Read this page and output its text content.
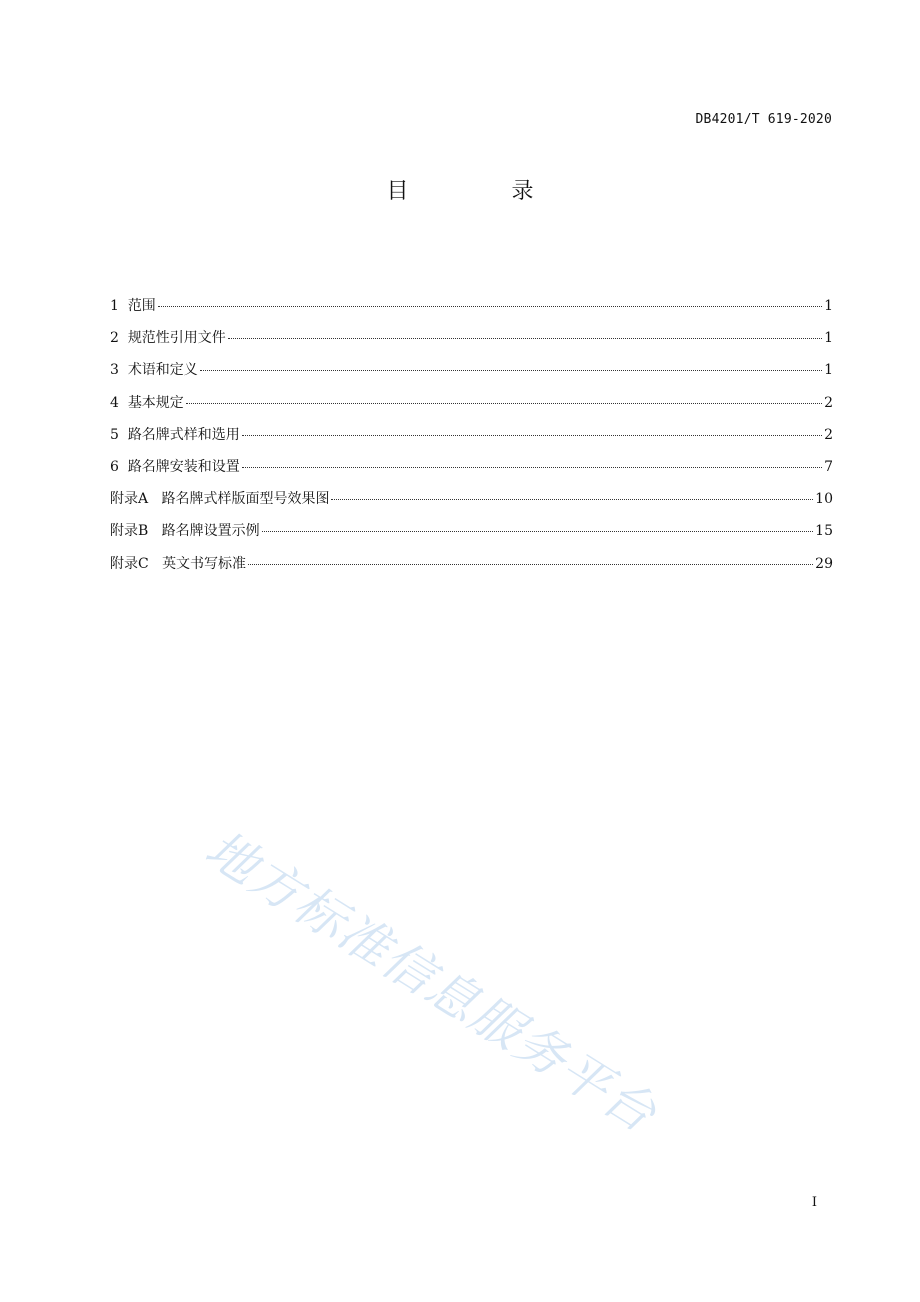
DB4201/T 619-2020
目 录
1 范围	1
2 规范性引用文件	1
3 术语和定义	1
4 基本规定	2
5 路名牌式样和选用	2
6 路名牌安装和设置	7
附录A 路名牌式样版面型号效果图	10
附录B 路名牌设置示例	15
附录C 英文书写标准	29
地方标准信息服务平台
I
